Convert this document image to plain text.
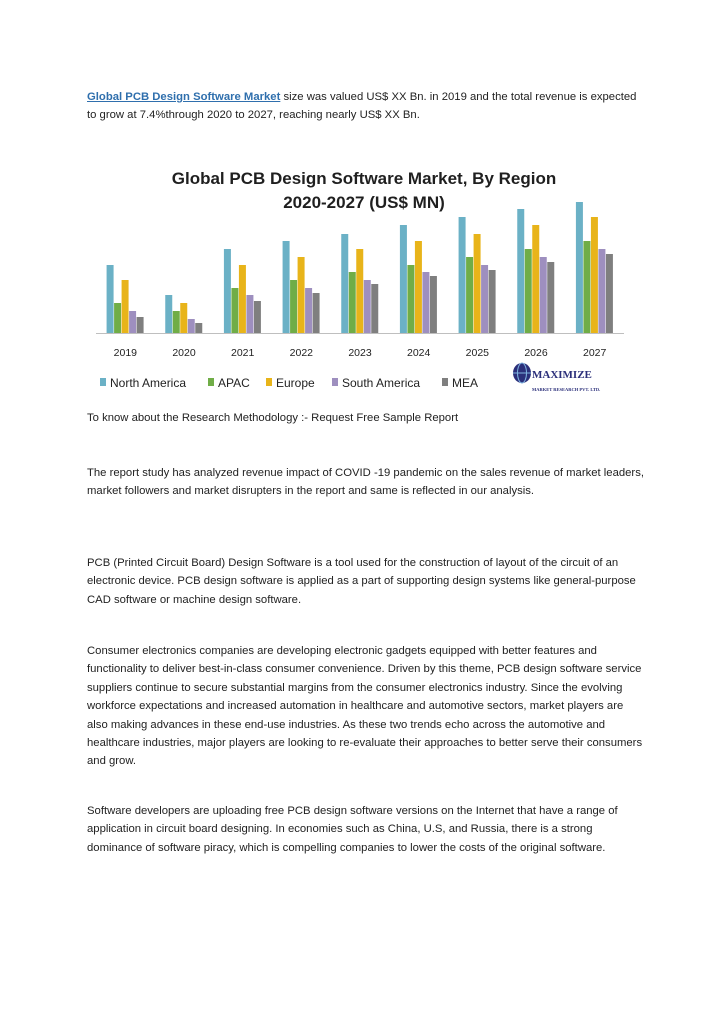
Global PCB Design Software Market size was valued US$ XX Bn. in 2019 and the total revenue is expected to grow at 7.4%through 2020 to 2027, reaching nearly US$ XX Bn.

Global PCB Design Software Market, By Region
2020-2027 (US$ MN)
2019	2020	2021	2022	2023	2024	2025	2026	2027
North America	APAC Europe South America	MEA
MAXIMIZE
MARKET RESEARCH PVT. LTD.

To know about the Research Methodology :- Request Free Sample Report

The report study has analyzed revenue impact of COVID -19 pandemic on the sales revenue of market leaders, market followers and market disrupters in the report and same is reflected in our analysis.

PCB (Printed Circuit Board) Design Software is a tool used for the construction of layout of the circuit of an electronic device. PCB design software is applied as a part of supporting design systems like general-purpose CAD software or machine design software.

Consumer electronics companies are developing electronic gadgets equipped with better features and functionality to deliver best-in-class consumer convenience. Driven by this theme, PCB design software service suppliers continue to secure substantial margins from the consumer electronics industry. Since the evolving workforce expectations and increased automation in healthcare and automotive sectors, market players are also making advances in these end-use industries. As these two trends echo across the automotive and healthcare industries, major players are looking to re-evaluate their approaches to better serve their consumers and grow.

Software developers are uploading free PCB design software versions on the Internet that have a range of application in circuit board designing. In economies such as China, U.S, and Russia, there is a strong dominance of software piracy, which is compelling companies to lower the costs of the original software.
